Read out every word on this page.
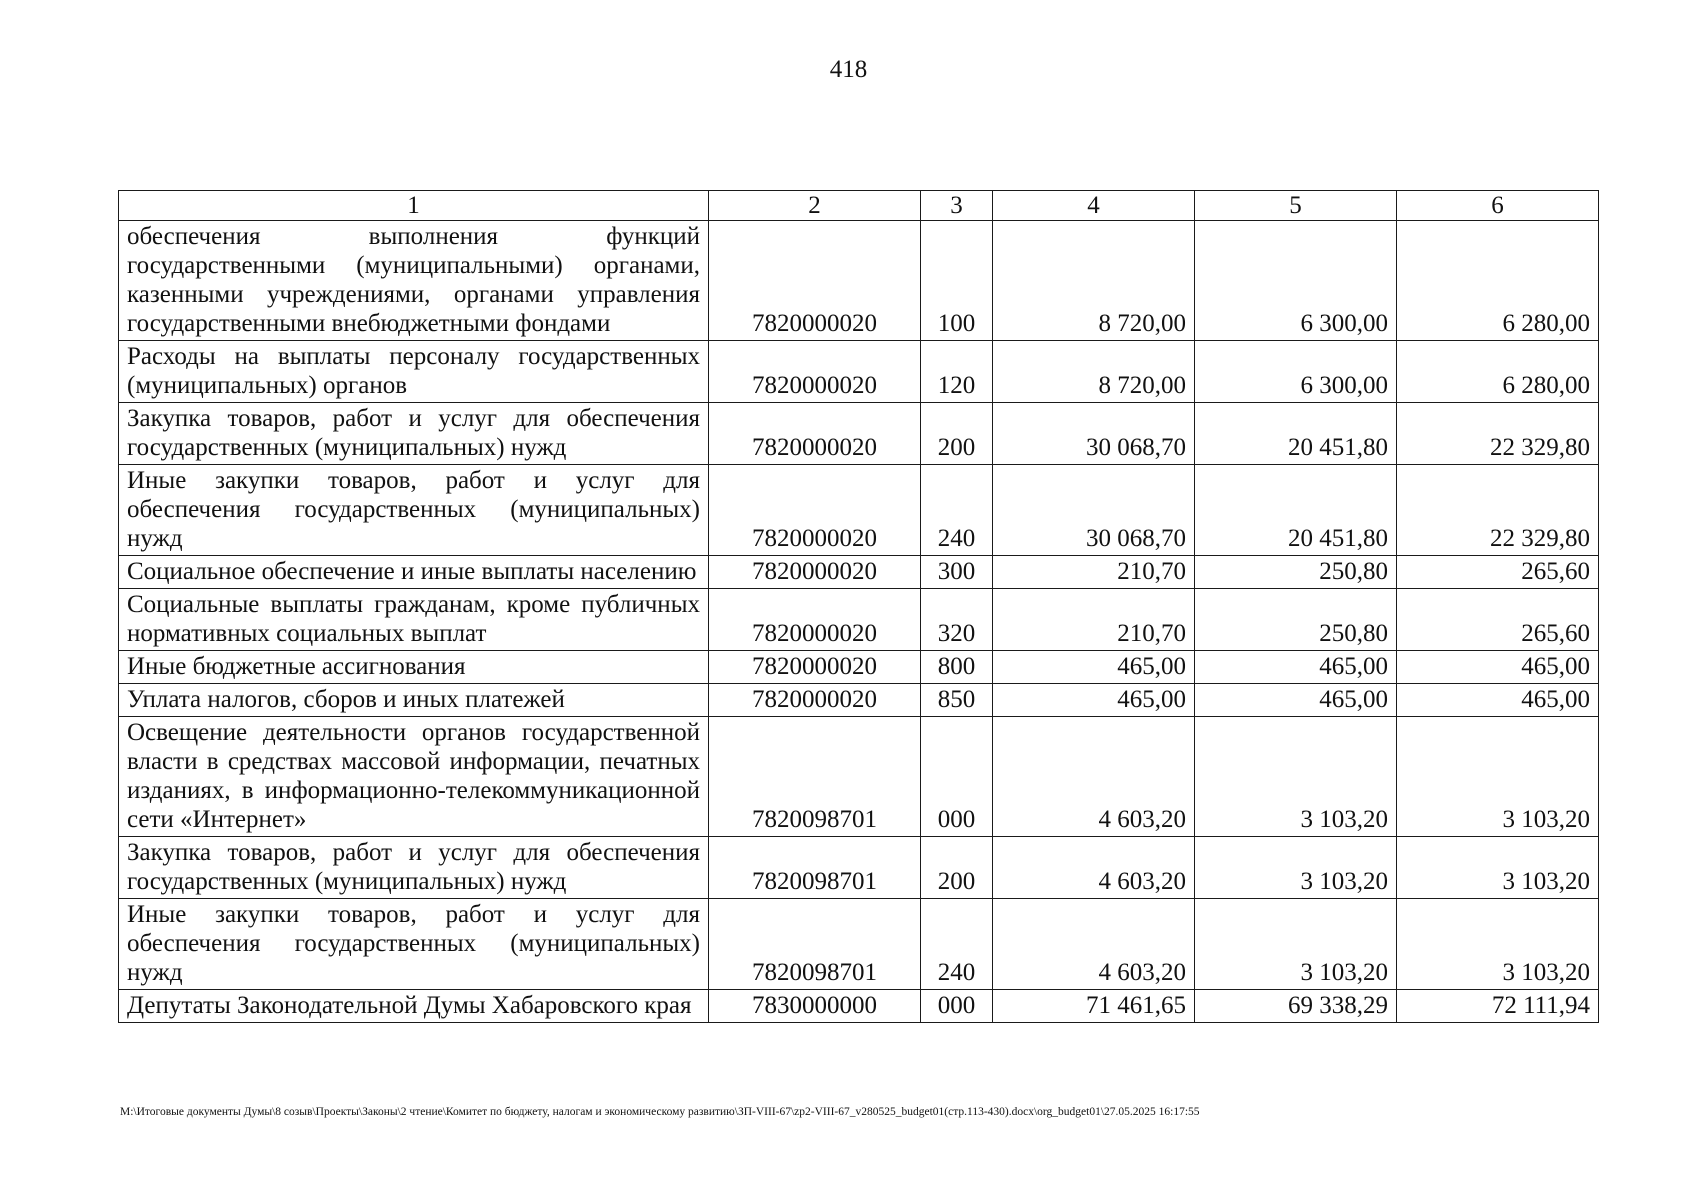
418
1	2	3	4	5	6
обеспечения выполнения функций государственными (муниципальными) органами, казенными учреждениями, органами управления государственными внебюджетными фондами	7820000020	100	8 720,00	6 300,00	6 280,00
Расходы на выплаты персоналу государственных (муниципальных) органов	7820000020	120	8 720,00	6 300,00	6 280,00
Закупка товаров, работ и услуг для обеспечения государственных (муниципальных) нужд	7820000020	200	30 068,70	20 451,80	22 329,80
Иные закупки товаров, работ и услуг для обеспечения государственных (муниципальных) нужд	7820000020	240	30 068,70	20 451,80	22 329,80
Социальное обеспечение и иные выплаты населению	7820000020	300	210,70	250,80	265,60
Социальные выплаты гражданам, кроме публичных нормативных социальных выплат	7820000020	320	210,70	250,80	265,60
Иные бюджетные ассигнования	7820000020	800	465,00	465,00	465,00
Уплата налогов, сборов и иных платежей	7820000020	850	465,00	465,00	465,00
Освещение деятельности органов государственной власти в средствах массовой информации, печатных изданиях, в информационно-телекоммуникационной сети «Интернет»	7820098701	000	4 603,20	3 103,20	3 103,20
Закупка товаров, работ и услуг для обеспечения государственных (муниципальных) нужд	7820098701	200	4 603,20	3 103,20	3 103,20
Иные закупки товаров, работ и услуг для обеспечения государственных (муниципальных) нужд	7820098701	240	4 603,20	3 103,20	3 103,20
Депутаты Законодательной Думы Хабаровского края	7830000000	000	71 461,65	69 338,29	72 111,94
M:\Итоговые документы Думы\8 созыв\Проекты\Законы\2 чтение\Комитет по бюджету, налогам и экономическому развитию\ЗП-VIII-67\zp2-VIII-67_v280525_budget01(стр.113-430).docx\org_budget01\27.05.2025 16:17:55
